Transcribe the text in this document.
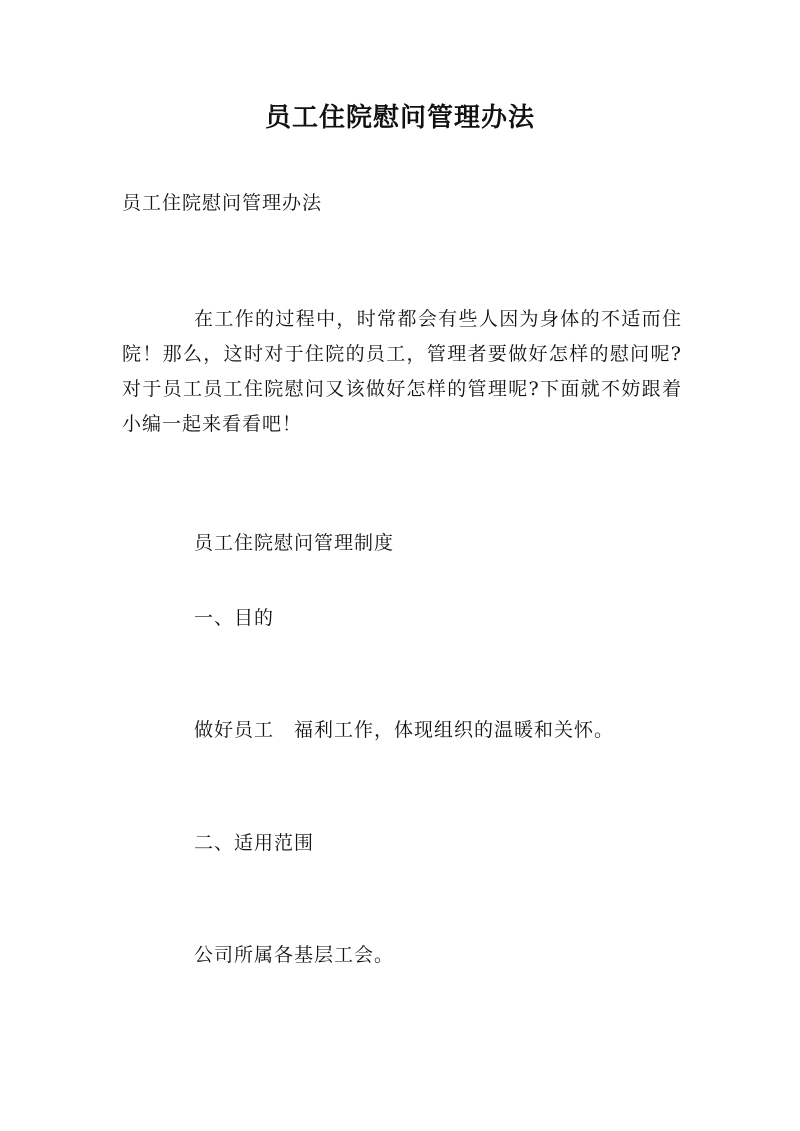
员工住院慰问管理办法
员工住院慰问管理办法
在工作的过程中，时常都会有些人因为身体的不适而住院！那么，这时对于住院的员工，管理者要做好怎样的慰问呢?对于员工员工住院慰问又该做好怎样的管理呢?下面就不妨跟着小编一起来看看吧！
员工住院慰问管理制度
一、目的
做好员工　福利工作，体现组织的温暖和关怀。
二、适用范围
公司所属各基层工会。
